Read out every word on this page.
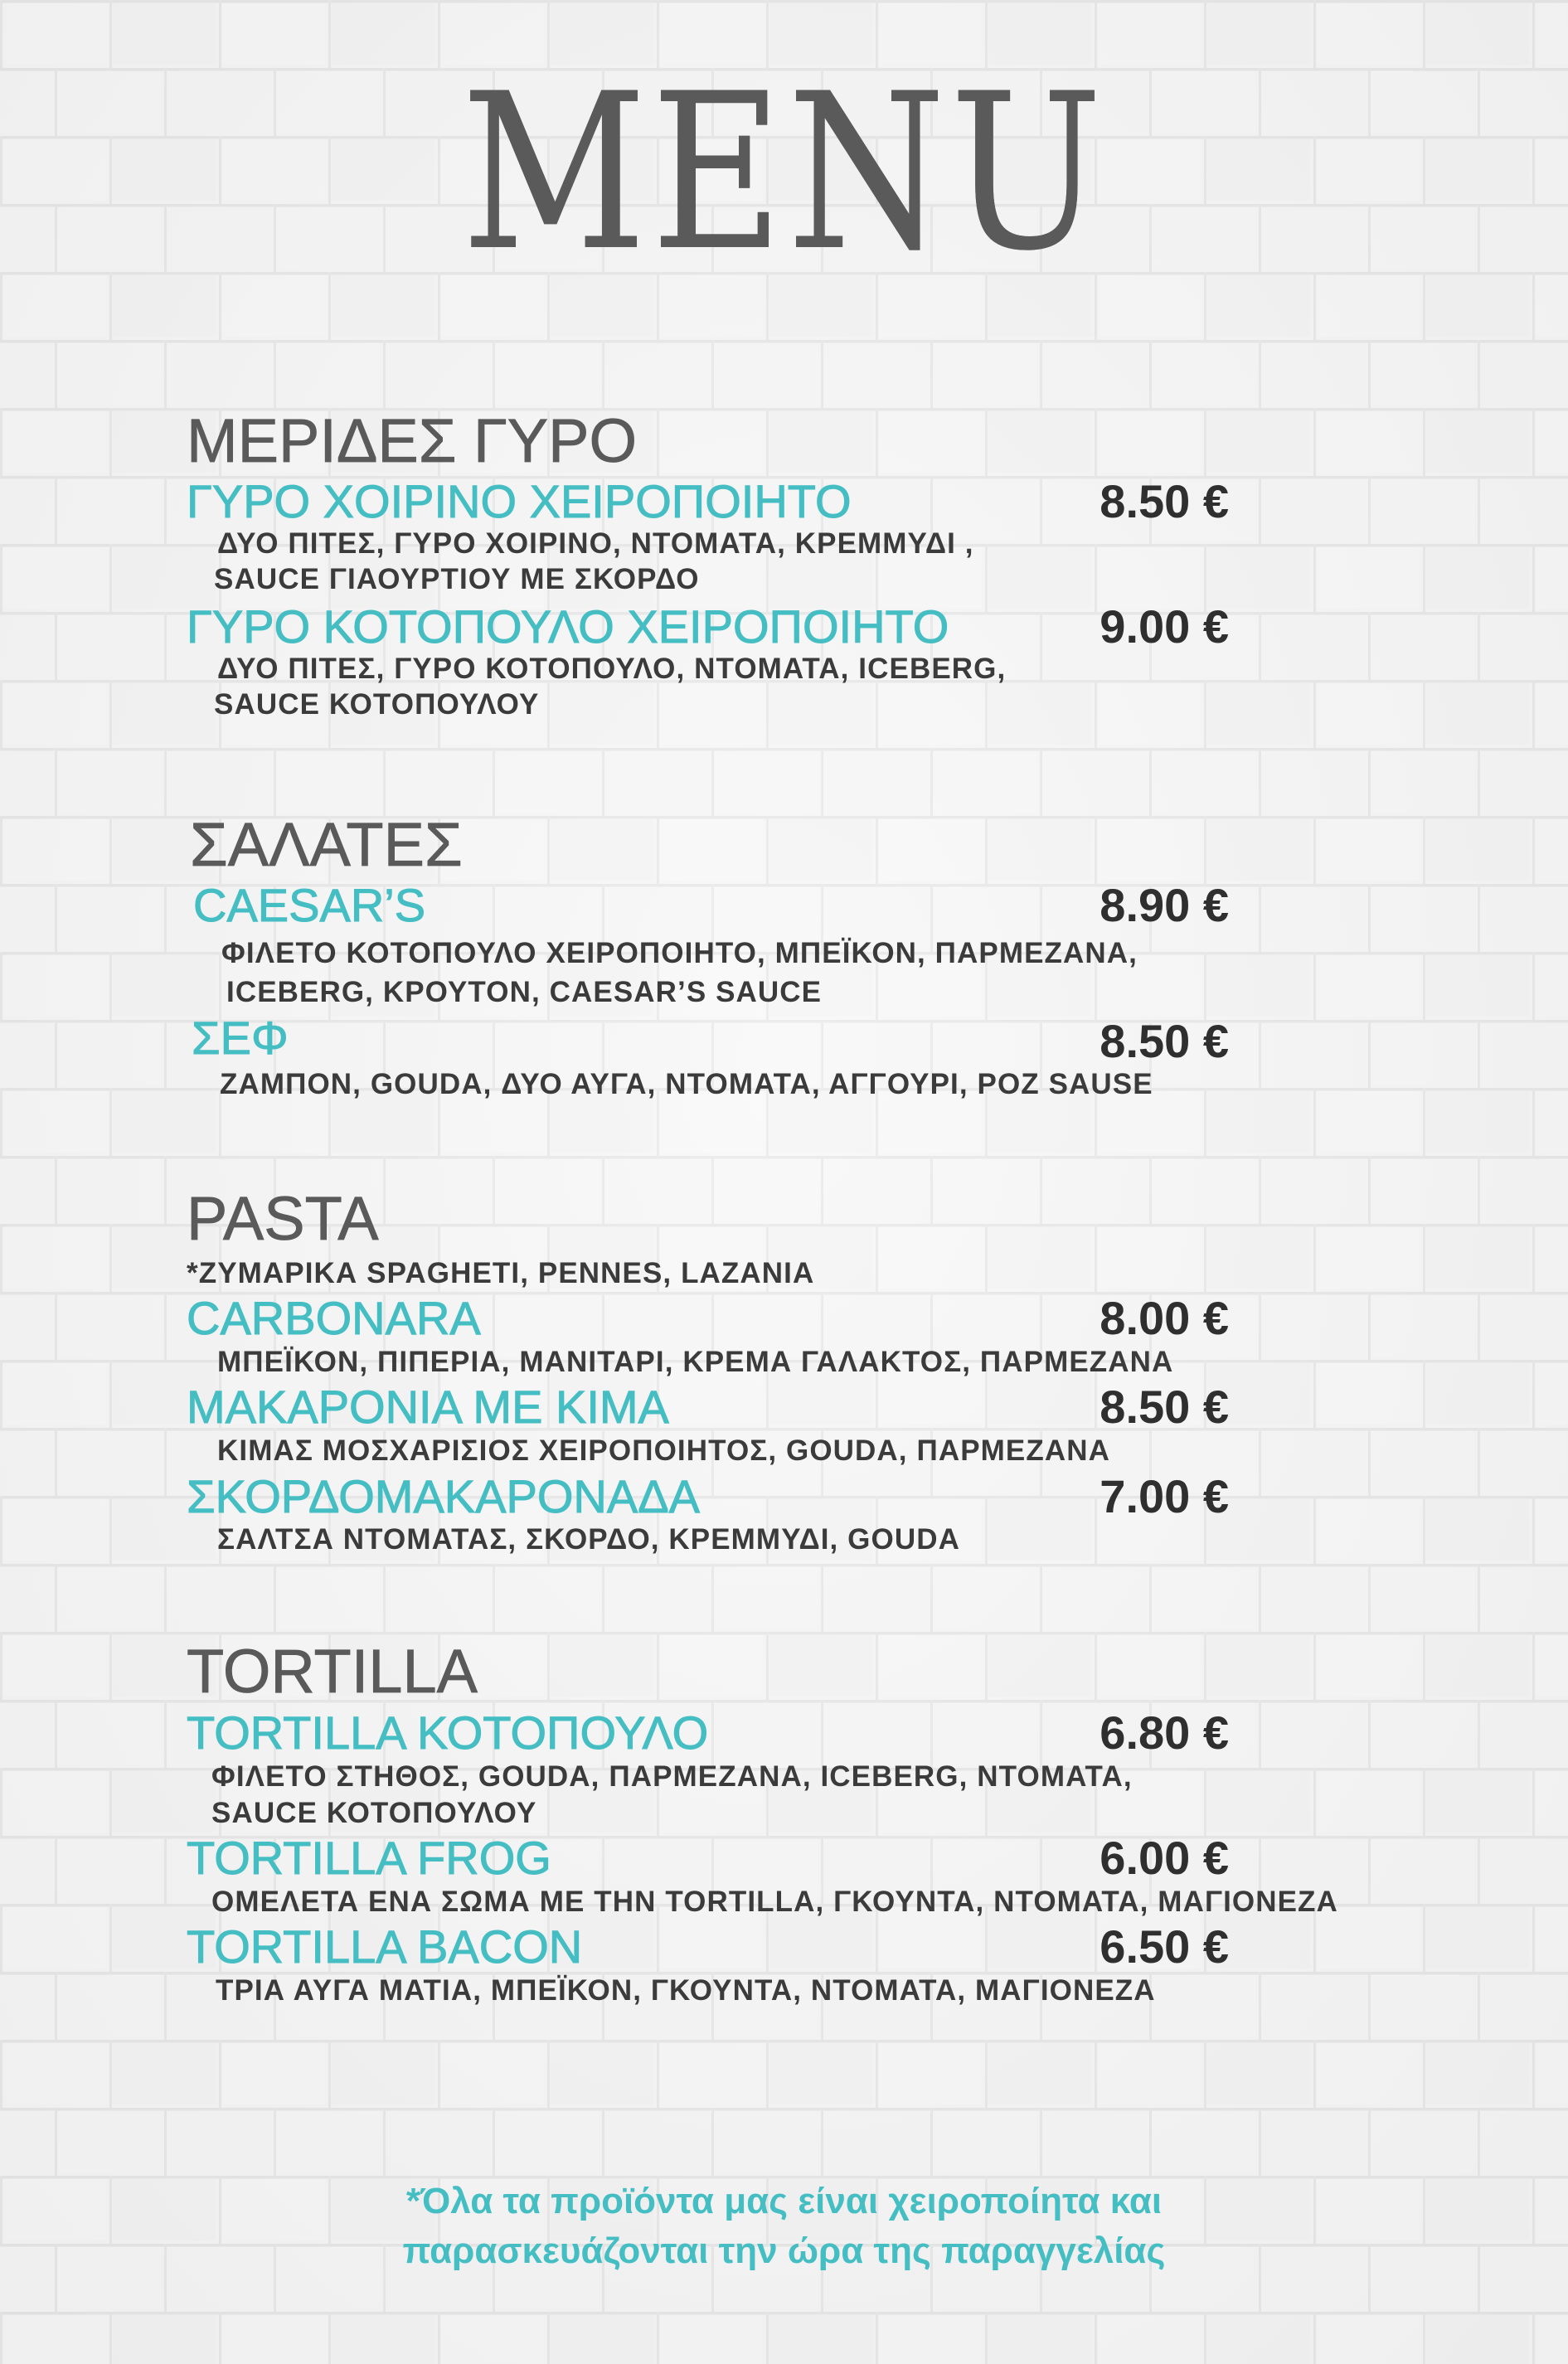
MENU
ΜΕΡΙΔΕΣ ΓΥΡΟ
ΓΥΡΟ ΧΟΙΡΙΝΟ ΧΕΙΡΟΠΟΙΗΤΟ	8.50 €
ΔΥΟ ΠΙΤΕΣ, ΓΥΡΟ ΧΟΙΡΙΝΟ, ΝΤΟΜΑΤΑ, ΚΡΕΜΜΥΔΙ ,
SAUCE ΓΙΑΟΥΡΤΙΟΥ ΜΕ ΣΚΟΡΔΟ
ΓΥΡΟ ΚΟΤΟΠΟΥΛΟ ΧΕΙΡΟΠΟΙΗΤΟ	9.00 €
ΔΥΟ ΠΙΤΕΣ, ΓΥΡΟ ΚΟΤΟΠΟΥΛΟ, ΝΤΟΜΑΤΑ, ICEBERG,
SAUCE ΚΟΤΟΠΟΥΛΟΥ
ΣΑΛΑΤΕΣ
CAESAR’S	8.90 €
ΦΙΛΕΤΟ ΚΟΤΟΠΟΥΛΟ ΧΕΙΡΟΠΟΙΗΤΟ, ΜΠΕΪΚΟΝ, ΠΑΡΜΕΖΑΝΑ,
ICEBERG, ΚΡΟΥΤΟΝ, CAESAR’S SAUCE
ΣΕΦ	8.50 €
ΖΑΜΠΟΝ, GOUDA, ΔΥΟ ΑΥΓΑ, ΝΤΟΜΑΤΑ, ΑΓΓΟΥΡΙ, ΡΟΖ SAUSE
PASTA
*ΖΥΜΑΡΙΚΑ SPAGHETI, PENNES, LAZANIA
CARBONARA	8.00 €
ΜΠΕΪΚΟΝ, ΠΙΠΕΡΙΑ, ΜΑΝΙΤΑΡΙ, ΚΡΕΜΑ ΓΑΛΑΚΤΟΣ, ΠΑΡΜΕΖΑΝΑ
ΜΑΚΑΡΟΝΙΑ ΜΕ ΚΙΜΑ	8.50 €
ΚΙΜΑΣ ΜΟΣΧΑΡΙΣΙΟΣ ΧΕΙΡΟΠΟΙΗΤΟΣ, GOUDA, ΠΑΡΜΕΖΑΝΑ
ΣΚΟΡΔΟΜΑΚΑΡΟΝΑΔΑ	7.00 €
ΣΑΛΤΣΑ ΝΤΟΜΑΤΑΣ, ΣΚΟΡΔΟ, ΚΡΕΜΜΥΔΙ, GOUDA
TORTILLA
TORTILLA ΚΟΤΟΠΟΥΛΟ	6.80 €
ΦΙΛΕΤΟ ΣΤΗΘΟΣ, GOUDA, ΠΑΡΜΕΖΑΝΑ, ICEBERG, ΝΤΟΜΑΤΑ,
SAUCE ΚΟΤΟΠΟΥΛΟΥ
TORTILLA FROG	6.00 €
ΟΜΕΛΕΤΑ ΕΝΑ ΣΩΜΑ ΜΕ ΤΗΝ TORTILLA, ΓΚΟΥΝΤΑ, ΝΤΟΜΑΤΑ, ΜΑΓΙΟΝΕΖΑ
TORTILLA BACON	6.50 €
ΤΡΙΑ ΑΥΓΑ ΜΑΤΙΑ, ΜΠΕΪΚΟΝ, ΓΚΟΥΝΤΑ, ΝΤΟΜΑΤΑ, ΜΑΓΙΟΝΕΖΑ
*Όλα τα προϊόντα μας είναι χειροποίητα και
παρασκευάζονται την ώρα της παραγγελίας
